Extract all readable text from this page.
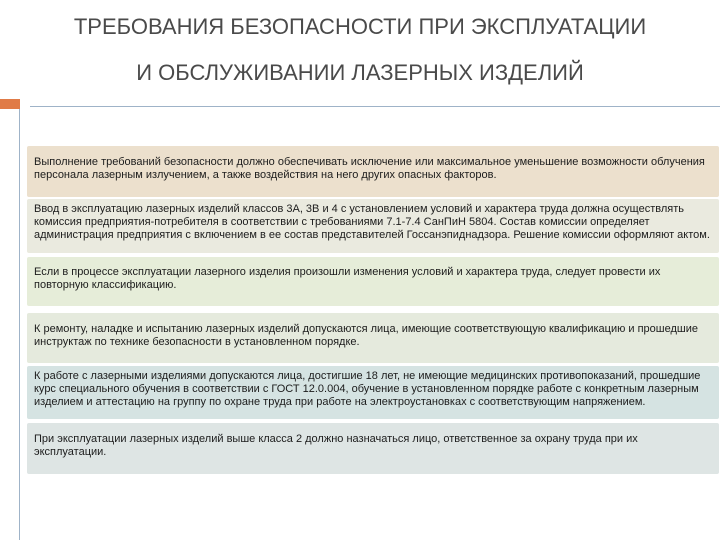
ТРЕБОВАНИЯ БЕЗОПАСНОСТИ ПРИ ЭКСПЛУАТАЦИИ
И ОБСЛУЖИВАНИИ ЛАЗЕРНЫХ ИЗДЕЛИЙ
Выполнение требований безопасности должно обеспечивать исключение или максимальное уменьшение возможности облучения персонала лазерным излучением, а также воздействия на него других опасных факторов.
Ввод в эксплуатацию лазерных изделий классов 3А, 3В и 4 с установлением условий и характера труда должна осуществлять комиссия предприятия-потребителя в соответствии с требованиями 7.1-7.4 СанПиН 5804. Состав комиссии определяет администрация предприятия с включением в ее состав представителей Госсанэпиднадзора. Решение комиссии оформляют актом.
Если в процессе эксплуатации лазерного изделия произошли изменения условий и характера труда, следует провести их повторную классификацию.
К ремонту, наладке и испытанию лазерных изделий допускаются лица, имеющие соответствующую квалификацию и прошедшие инструктаж по технике безопасности в установленном порядке.
К работе с лазерными изделиями допускаются лица, достигшие 18 лет, не имеющие медицинских противопоказаний, прошедшие курс специального обучения в соответствии с ГОСТ 12.0.004, обучение в установленном порядке работе с конкретным лазерным изделием и аттестацию на группу по охране труда при работе на электроустановках с соответствующим напряжением.
При эксплуатации лазерных изделий выше класса 2 должно назначаться лицо, ответственное за охрану труда при их эксплуатации.
